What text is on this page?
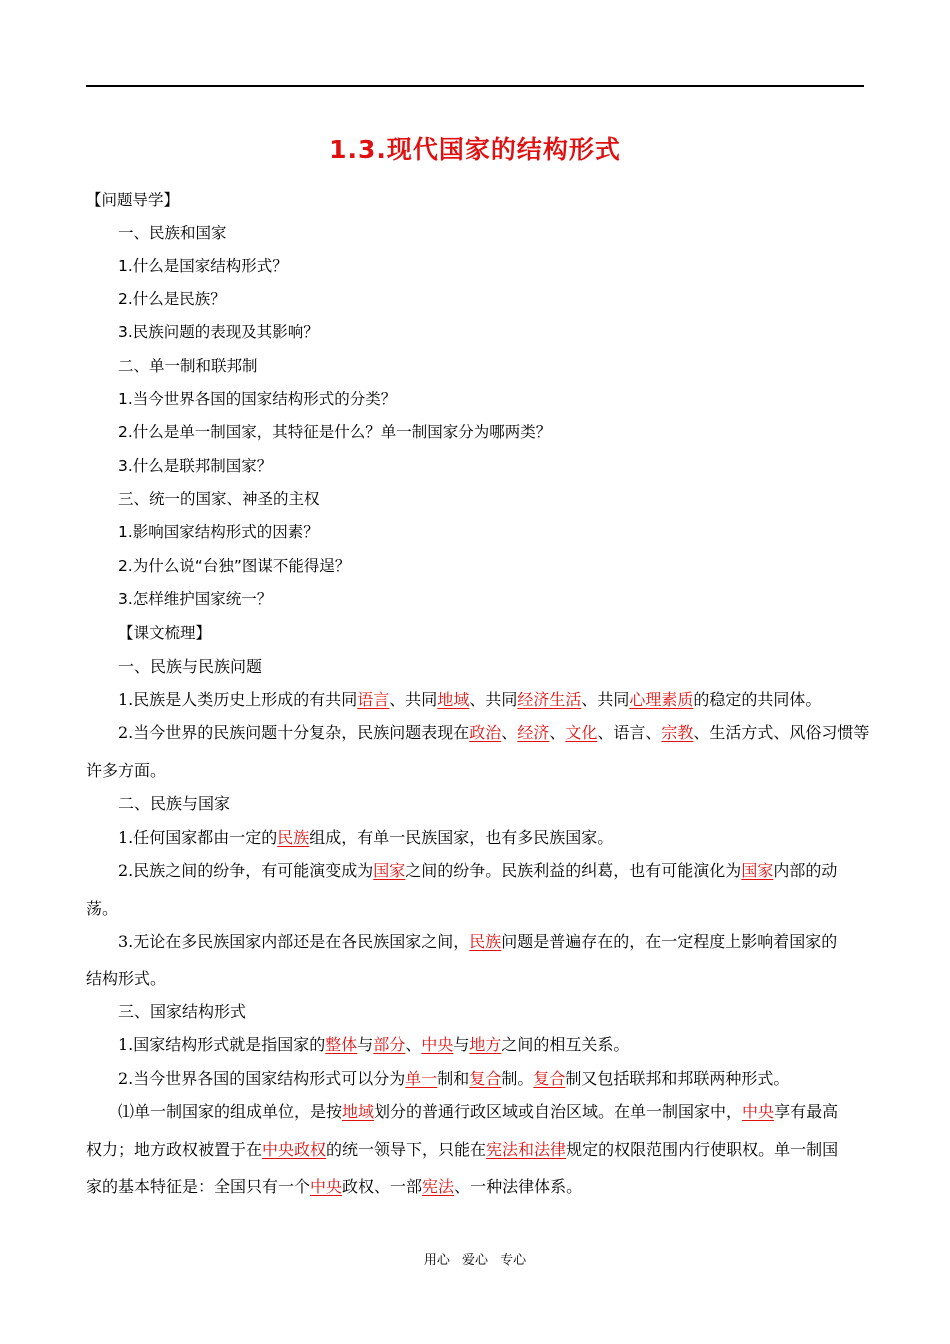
1.3.现代国家的结构形式
【问题导学】
一、民族和国家
1.什么是国家结构形式？
2.什么是民族？
3.民族问题的表现及其影响？
二、单一制和联邦制
1.当今世界各国的国家结构形式的分类？
2.什么是单一制国家，其特征是什么？单一制国家分为哪两类？
3.什么是联邦制国家？
三、统一的国家、神圣的主权
1.影响国家结构形式的因素？
2.为什么说“台独”图谋不能得逞？
3.怎样维护国家统一？
【课文梳理】
一、民族与民族问题
1.民族是人类历史上形成的有共同语言、共同地域、共同经济生活、共同心理素质的稳定的共同体。
2.当今世界的民族问题十分复杂，民族问题表现在政治、经济、文化、语言、宗教、生活方式、风俗习惯等
许多方面。
二、民族与国家
1.任何国家都由一定的民族组成，有单一民族国家，也有多民族国家。
2.民族之间的纷争，有可能演变成为国家之间的纷争。民族利益的纠葛，也有可能演化为国家内部的动
荡。
3.无论在多民族国家内部还是在各民族国家之间，民族问题是普遍存在的，在一定程度上影响着国家的
结构形式。
三、国家结构形式
1.国家结构形式就是指国家的整体与部分、中央与地方之间的相互关系。
2.当今世界各国的国家结构形式可以分为单一制和复合制。复合制又包括联邦和邦联两种形式。
⑴单一制国家的组成单位，是按地域划分的普通行政区域或自治区域。在单一制国家中，中央享有最高
权力；地方政权被置于在中央政权的统一领导下，只能在宪法和法律规定的权限范围内行使职权。单一制国
家的基本特征是：全国只有一个中央政权、一部宪法、一种法律体系。
用心 爱心 专心
